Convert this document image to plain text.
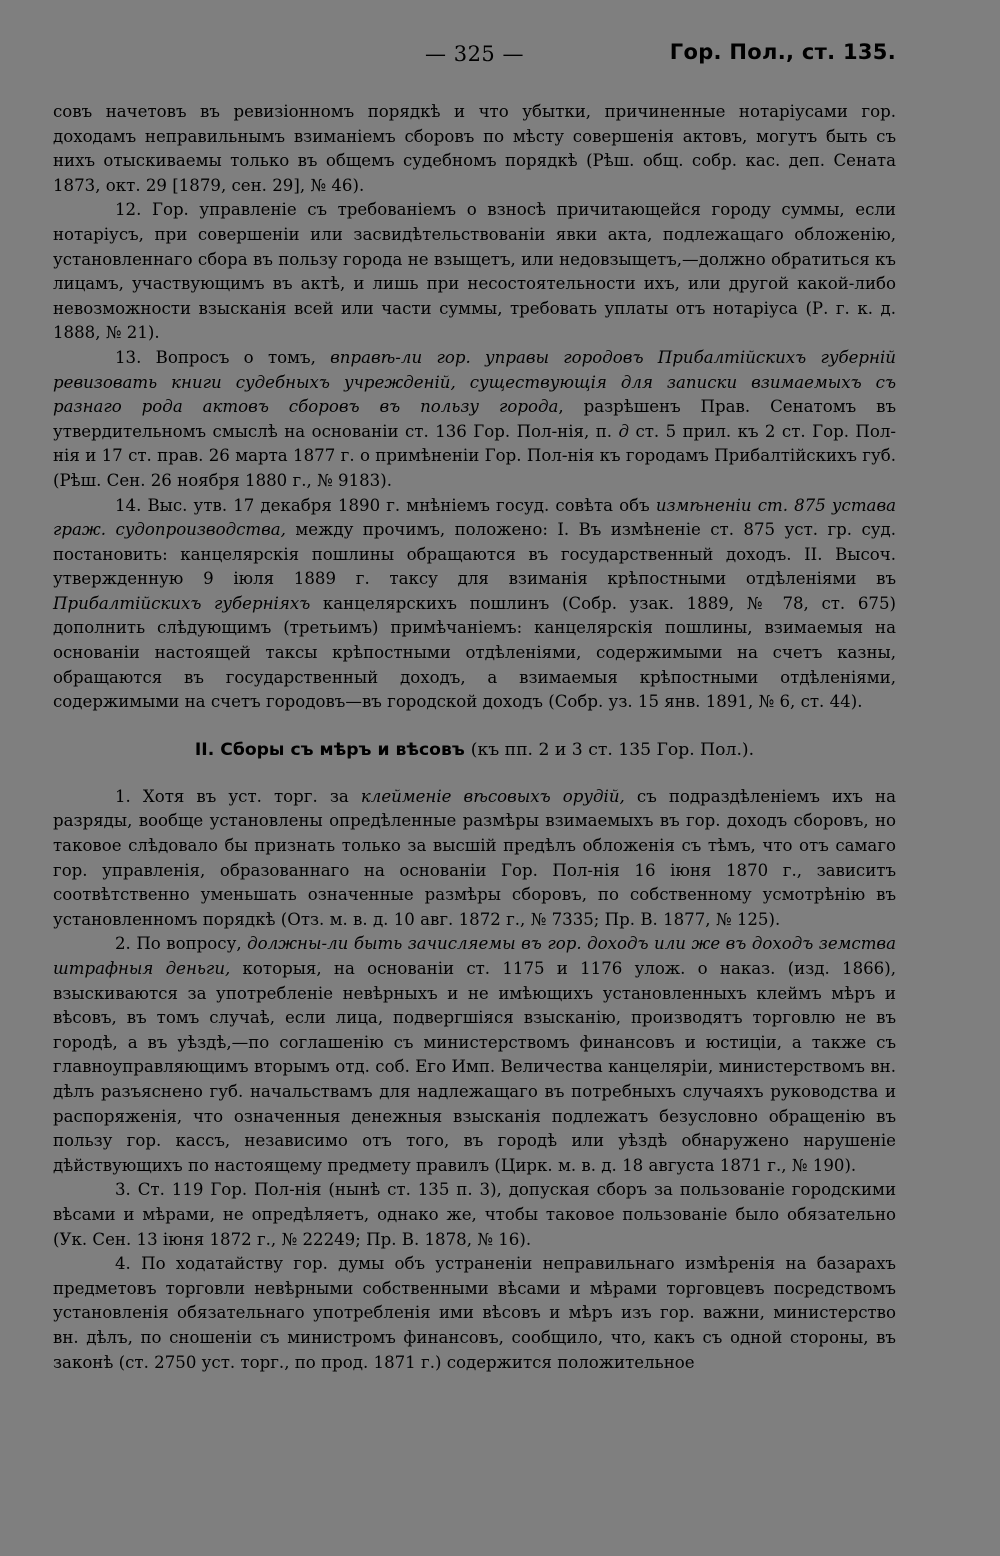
— 325 —	Гор. Пол., ст. 135.

совъ начетовъ въ ревизіонномъ порядкѣ и что убытки, причиненные нотаріусами гор. доходамъ неправильнымъ взиманіемъ сборовъ по мѣсту совершенія актовъ, могутъ быть съ нихъ отыскиваемы только въ общемъ судебномъ порядкѣ (Рѣш. общ. собр. кас. деп. Сената 1873, окт. 29 [1879, сен. 29], № 46).

12. Гор. управленіе съ требованіемъ о взносѣ причитающейся городу суммы, если нотаріусъ, при совершеніи или засвидѣтельствованіи явки акта, подлежащаго обложенію, установленнаго сбора въ пользу города не взыщетъ, или недовзыщетъ,—должно обратиться къ лицамъ, участвующимъ въ актѣ, и лишь при несостоятельности ихъ, или другой какой-либо невозможности взысканія всей или части суммы, требовать уплаты отъ нотаріуса (Р. г. к. д. 1888, № 21).

13. Вопросъ о томъ, вправѣ-ли гор. управы городовъ Прибалтійскихъ губерній ревизовать книги судебныхъ учрежденій, существующія для записки взимаемыхъ съ разнаго рода актовъ сборовъ въ пользу города, разрѣшенъ Прав. Сенатомъ въ утвердительномъ смыслѣ на основаніи ст. 136 Гор. Пол-нія, п. д ст. 5 прил. къ 2 ст. Гор. Пол-нія и 17 ст. прав. 26 марта 1877 г. о примѣненіи Гор. Пол-нія къ городамъ Прибалтійскихъ губ. (Рѣш. Сен. 26 ноября 1880 г., № 9183).

14. Выс. утв. 17 декабря 1890 г. мнѣніемъ госуд. совѣта объ измѣненіи ст. 875 устава граж. судопроизводства, между прочимъ, положено: I. Въ измѣненіе ст. 875 уст. гр. суд. постановить: канцелярскія пошлины обращаются въ государственный доходъ. II. Высоч. утвержденную 9 іюля 1889 г. таксу для взиманія крѣпостными отдѣленіями въ Прибалтійскихъ губерніяхъ канцелярскихъ пошлинъ (Собр. узак. 1889, № 78, ст. 675) дополнить слѣдующимъ (третьимъ) примѣчаніемъ: канцелярскія пошлины, взимаемыя на основаніи настоящей таксы крѣпостными отдѣленіями, содержимыми на счетъ казны, обращаются въ государственный доходъ, а взимаемыя крѣпостными отдѣленіями, содержимыми на счетъ городовъ—въ городской доходъ (Собр. уз. 15 янв. 1891, № 6, ст. 44).

II. Сборы съ мѣръ и вѣсовъ (къ пп. 2 и 3 ст. 135 Гор. Пол.).

1. Хотя въ уст. торг. за клейменіе вѣсовыхъ орудій, съ подраздѣленіемъ ихъ на разряды, вообще установлены опредѣленные размѣры взимаемыхъ въ гор. доходъ сборовъ, но таковое слѣдовало бы признать только за высшій предѣлъ обложенія съ тѣмъ, что отъ самаго гор. управленія, образованнаго на основаніи Гор. Пол-нія 16 іюня 1870 г., зависитъ соотвѣтственно уменьшать означенные размѣры сборовъ, по собственному усмотрѣнію въ установленномъ порядкѣ (Отз. м. в. д. 10 авг. 1872 г., № 7335; Пр. В. 1877, № 125).

2. По вопросу, должны-ли быть зачисляемы въ гор. доходъ или же въ доходъ земства штрафныя деньги, которыя, на основаніи ст. 1175 и 1176 улож. о наказ. (изд. 1866), взыскиваются за употребленіе невѣрныхъ и не имѣющихъ установленныхъ клеймъ мѣръ и вѣсовъ, въ томъ случаѣ, если лица, подвергшіяся взысканію, производятъ торговлю не въ городѣ, а въ уѣздѣ,—по соглашенію съ министерствомъ финансовъ и юстиціи, а также съ главноуправляющимъ вторымъ отд. соб. Его Имп. Величества канцеляріи, министерствомъ вн. дѣлъ разъяснено губ. начальствамъ для надлежащаго въ потребныхъ случаяхъ руководства и распоряженія, что означенныя денежныя взысканія подлежатъ безусловно обращенію въ пользу гор. кассъ, независимо отъ того, въ городѣ или уѣздѣ обнаружено нарушеніе дѣйствующихъ по настоящему предмету правилъ (Цирк. м. в. д. 18 августа 1871 г., № 190).

3. Ст. 119 Гор. Пол-нія (нынѣ ст. 135 п. 3), допуская сборъ за пользованіе городскими вѣсами и мѣрами, не опредѣляетъ, однако же, чтобы таковое пользованіе было обязательно (Ук. Сен. 13 іюня 1872 г., № 22249; Пр. В. 1878, № 16).

4. По ходатайству гор. думы объ устраненіи неправильнаго измѣренія на базарахъ предметовъ торговли невѣрными собственными вѣсами и мѣрами торговцевъ посредствомъ установленія обязательнаго употребленія ими вѣсовъ и мѣръ изъ гор. важни, министерство вн. дѣлъ, по сношеніи съ министромъ финансовъ, сообщило, что, какъ съ одной стороны, въ законѣ (ст. 2750 уст. торг., по прод. 1871 г.) содержится положительное
